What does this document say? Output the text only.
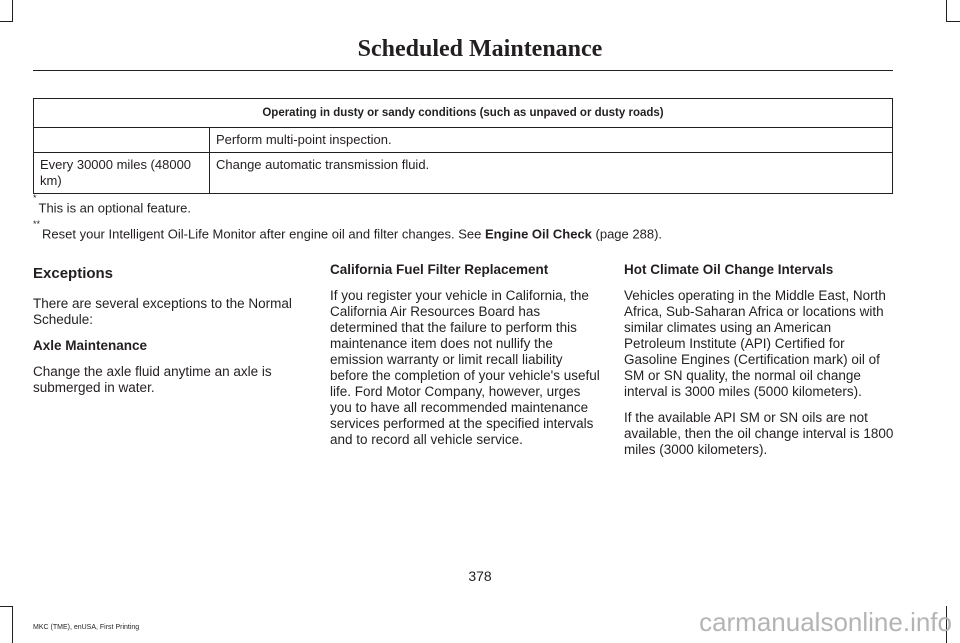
Scheduled Maintenance
Operating in dusty or sandy conditions (such as unpaved or dusty roads)	
	Perform multi-point inspection.
Every 30000 miles (48000 km)	Change automatic transmission fluid.
*This is an optional feature.
**Reset your Intelligent Oil-Life Monitor after engine oil and filter changes. See Engine Oil Check (page 288).
Exceptions

There are several exceptions to the Normal Schedule:

Axle Maintenance

Change the axle fluid anytime an axle is submerged in water.

California Fuel Filter Replacement

If you register your vehicle in California, the California Air Resources Board has determined that the failure to perform this maintenance item does not nullify the emission warranty or limit recall liability before the completion of your vehicle's useful life. Ford Motor Company, however, urges you to have all recommended maintenance services performed at the specified intervals and to record all vehicle service.

Hot Climate Oil Change Intervals

Vehicles operating in the Middle East, North Africa, Sub-Saharan Africa or locations with similar climates using an American Petroleum Institute (API) Certified for Gasoline Engines (Certification mark) oil of SM or SN quality, the normal oil change interval is 3000 miles (5000 kilometers).

If the available API SM or SN oils are not available, then the oil change interval is 1800 miles (3000 kilometers).

378
MKC (TME), enUSA, First Printing	carmanualsonline.info
